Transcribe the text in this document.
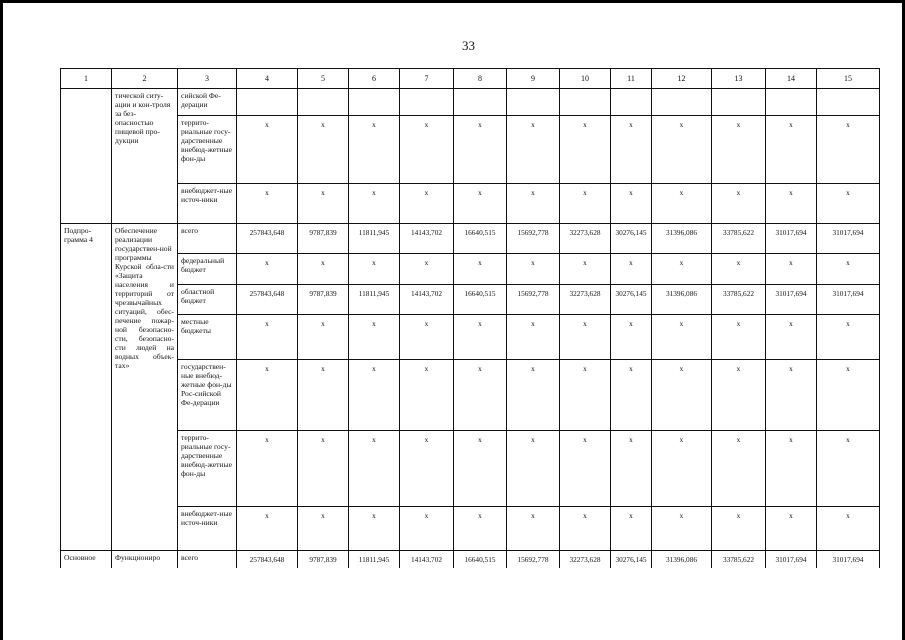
33
1	2	3	4	5	6	7	8	9	10	11	12	13	14	15
	тической ситу-ации и кон-троля за без-опасностью пищевой про-дукции	сийской Фе-дерации												
		террито-риальные госу-дарственные внебюд-жетные фон-ды	х	х	х	х	х	х	х	х	х	х	х	х
		внебюджет-ные источ-ники	х	х	х	х	х	х	х	х	х	х	х	х
Подпро-грамма 4	Обеспечение реализации государствен-ной программы Курской обла-сти «Защита населения и территорий от чрезвычайных ситуаций, обес-печение пожар-ной безопасно-сти, безопасно-сти людей на водных объек-тах»	всего	257843,648	9787,839	11811,945	14143,702	16640,515	15692,778	32273,628	30276,145	31396,086	33785,622	31017,694	31017,694
		федеральный бюджет	х	х	х	х	х	х	х	х	х	х	х	х
		областной бюджет	257843,648	9787,839	11811,945	14143,702	16640,515	15692,778	32273,628	30276,145	31396,086	33785,622	31017,694	31017,694
		местные бюджеты	х	х	х	х	х	х	х	х	х	х	х	х
		государствен-ные внебюд-жетные фон-ды Рос-сийской Фе-дерации	х	х	х	х	х	х	х	х	х	х	х	х
		террито-риальные госу-дарственные внебюд-жетные фон-ды	х	х	х	х	х	х	х	х	х	х	х	х
		внебюджет-ные источ-ники	х	х	х	х	х	х	х	х	х	х	х	х
Основное	Функциониро	всего	257843,648	9787,839	11811,945	14143,702	16640,515	15692,778	32273,628	30276,145	31396,086	33785,622	31017,694	31017,694
